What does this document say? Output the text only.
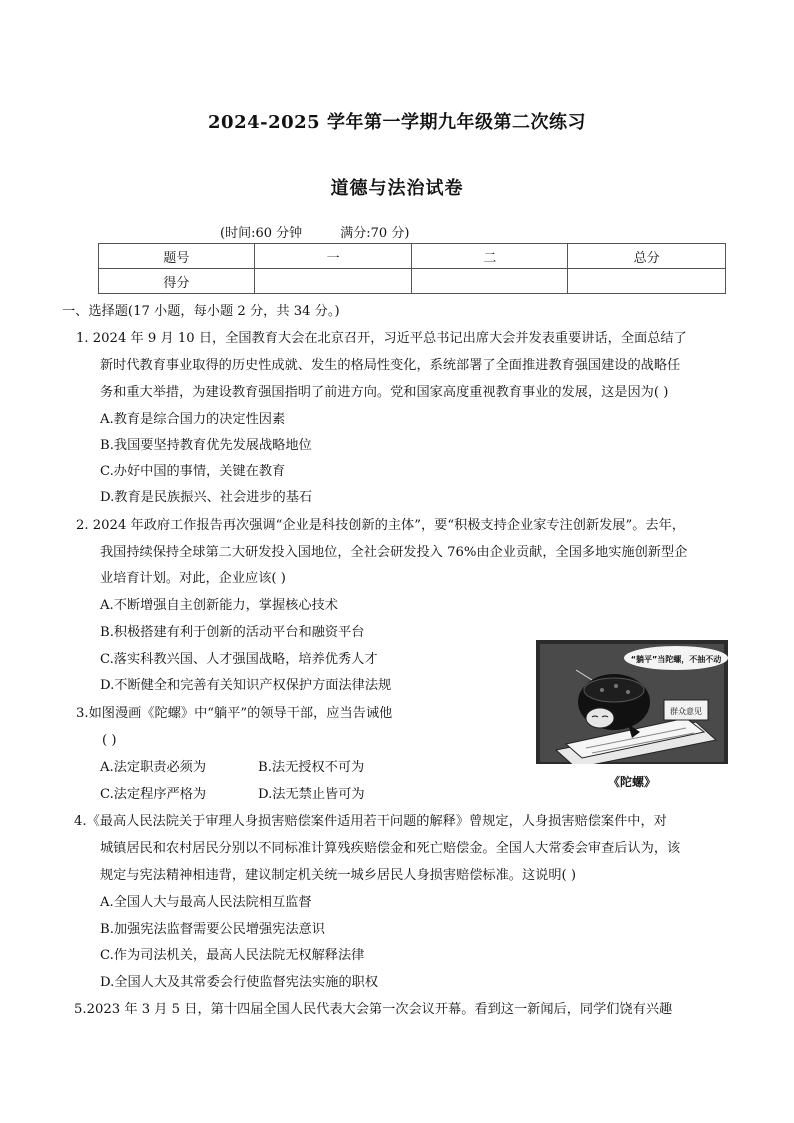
2024-2025 学年第一学期九年级第二次练习
道德与法治试卷
(时间:60 分钟	满分:70 分)
题号	一	二	总分
得分			
一、选择题(17 小题，每小题 2 分，共 34 分。)
1. 2024 年 9 月 10 日，全国教育大会在北京召开，习近平总书记出席大会并发表重要讲话，全面总结了
新时代教育事业取得的历史性成就、发生的格局性变化，系统部署了全面推进教育强国建设的战略任
务和重大举措，为建设教育强国指明了前进方向。党和国家高度重视教育事业的发展，这是因为( )
A.教育是综合国力的决定性因素
B.我国要坚持教育优先发展战略地位
C.办好中国的事情，关键在教育
D.教育是民族振兴、社会进步的基石
2. 2024 年政府工作报告再次强调“企业是科技创新的主体”，要“积极支持企业家专注创新发展”。去年，
我国持续保持全球第二大研发投入国地位，全社会研发投入 76%由企业贡献，全国多地实施创新型企
业培育计划。对此，企业应该( )
A.不断增强自主创新能力，掌握核心技术
B.积极搭建有利于创新的活动平台和融资平台
C.落实科教兴国、人才强国战略，培养优秀人才
D.不断健全和完善有关知识产权保护方面法律法规
3.如图漫画《陀螺》中“躺平”的领导干部，应当告诫他
( )
A.法定职责必须为	B.法无授权不可为
C.法定程序严格为	D.法无禁止皆可为
“躺平”当陀螺，不抽不动
群众意见
《陀螺》
4.《最高人民法院关于审理人身损害赔偿案件适用若干问题的解释》曾规定，人身损害赔偿案件中，对
城镇居民和农村居民分别以不同标准计算残疾赔偿金和死亡赔偿金。全国人大常委会审查后认为，该
规定与宪法精神相违背，建议制定机关统一城乡居民人身损害赔偿标准。这说明( )
A.全国人大与最高人民法院相互监督
B.加强宪法监督需要公民增强宪法意识
C.作为司法机关，最高人民法院无权解释法律
D.全国人大及其常委会行使监督宪法实施的职权
5.2023 年 3 月 5 日，第十四届全国人民代表大会第一次会议开幕。看到这一新闻后，同学们饶有兴趣
